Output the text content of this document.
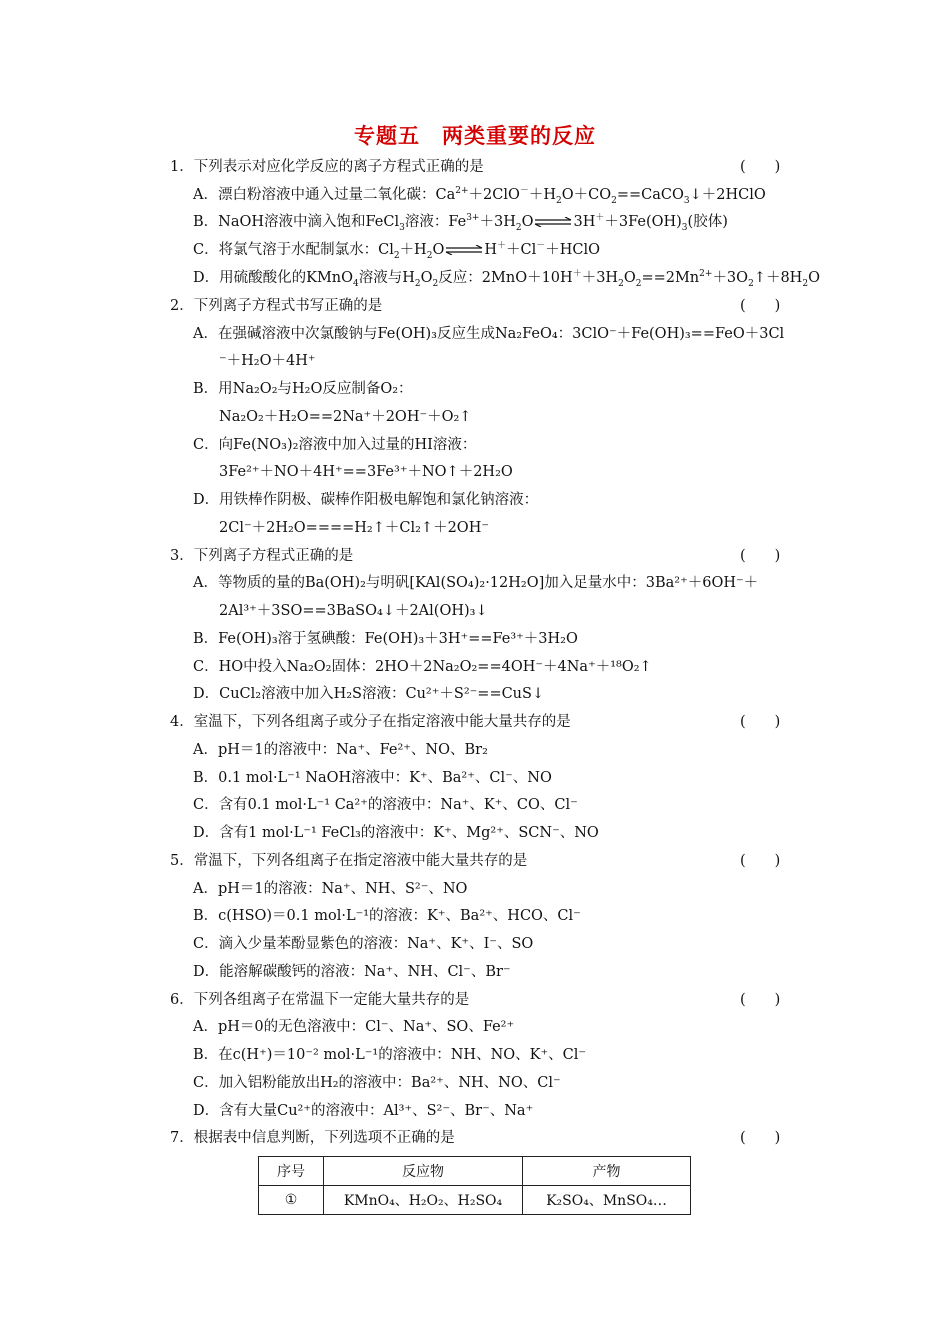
专题五　两类重要的反应
1．下列表示对应化学反应的离子方程式正确的是	(　　)
A．漂白粉溶液中通入过量二氧化碳：$Ca^{2+}+2ClO^-+H_2O+CO_2==CaCO_3↓+2HClO$
B．NaOH溶液中滴入饱和FeCl$_3$溶液：$Fe^{3+}+3H_2O\rightleftharpoons 3H^++3Fe(OH)_3$(胶体)
C．将氯气溶于水配制氯水：$Cl_2+H_2O\rightleftharpoons H^++Cl^-+HClO$
D．用硫酸酸化的KMnO$_4$溶液与$H_2O_2$反应：$2MnO+10H^++3H_2O_2==2Mn^{2+}+3O_2↑+8H_2O$
2．下列离子方程式书写正确的是	(　　)
A．在强碱溶液中次氯酸钠与Fe(OH)₃反应生成Na₂FeO₄：3ClO⁻＋Fe(OH)₃==FeO＋3Cl
⁻＋H₂O＋4H⁺
B．用Na₂O₂与H₂O反应制备O₂：
Na₂O₂＋H₂O==2Na⁺＋2OH⁻＋O₂↑
C．向Fe(NO₃)₂溶液中加入过量的HI溶液：
3Fe²⁺＋NO＋4H⁺==3Fe³⁺＋NO↑＋2H₂O
D．用铁棒作阴极、碳棒作阳极电解饱和氯化钠溶液：
2Cl⁻＋2H₂O====H₂↑＋Cl₂↑＋2OH⁻
3．下列离子方程式正确的是	(　　)
A．等物质的量的Ba(OH)₂与明矾[KAl(SO₄)₂·12H₂O]加入足量水中：3Ba²⁺＋6OH⁻＋
2Al³⁺＋3SO==3BaSO₄↓＋2Al(OH)₃↓
B．Fe(OH)₃溶于氢碘酸：Fe(OH)₃＋3H⁺==Fe³⁺＋3H₂O
C．HO中投入Na₂O₂固体：2HO＋2Na₂O₂==4OH⁻＋4Na⁺＋¹⁸O₂↑
D．CuCl₂溶液中加入H₂S溶液：Cu²⁺＋S²⁻==CuS↓
4．室温下，下列各组离子或分子在指定溶液中能大量共存的是	(　　)
A．pH＝1的溶液中：Na⁺、Fe²⁺、NO、Br₂
B．0.1 mol·L⁻¹ NaOH溶液中：K⁺、Ba²⁺、Cl⁻、NO
C．含有0.1 mol·L⁻¹ Ca²⁺的溶液中：Na⁺、K⁺、CO、Cl⁻
D．含有1 mol·L⁻¹ FeCl₃的溶液中：K⁺、Mg²⁺、SCN⁻、NO
5．常温下，下列各组离子在指定溶液中能大量共存的是	(　　)
A．pH＝1的溶液：Na⁺、NH、S²⁻、NO
B．c(HSO)＝0.1 mol·L⁻¹的溶液：K⁺、Ba²⁺、HCO、Cl⁻
C．滴入少量苯酚显紫色的溶液：Na⁺、K⁺、I⁻、SO
D．能溶解碳酸钙的溶液：Na⁺、NH、Cl⁻、Br⁻
6．下列各组离子在常温下一定能大量共存的是	(　　)
A．pH＝0的无色溶液中：Cl⁻、Na⁺、SO、Fe²⁺
B．在c(H⁺)＝10⁻² mol·L⁻¹的溶液中：NH、NO、K⁺、Cl⁻
C．加入铝粉能放出H₂的溶液中：Ba²⁺、NH、NO、Cl⁻
D．含有大量Cu²⁺的溶液中：Al³⁺、S²⁻、Br⁻、Na⁺
7．根据表中信息判断，下列选项不正确的是	(　　)
序号	反应物	产物
①	KMnO₄、H₂O₂、H₂SO₄	K₂SO₄、MnSO₄…
